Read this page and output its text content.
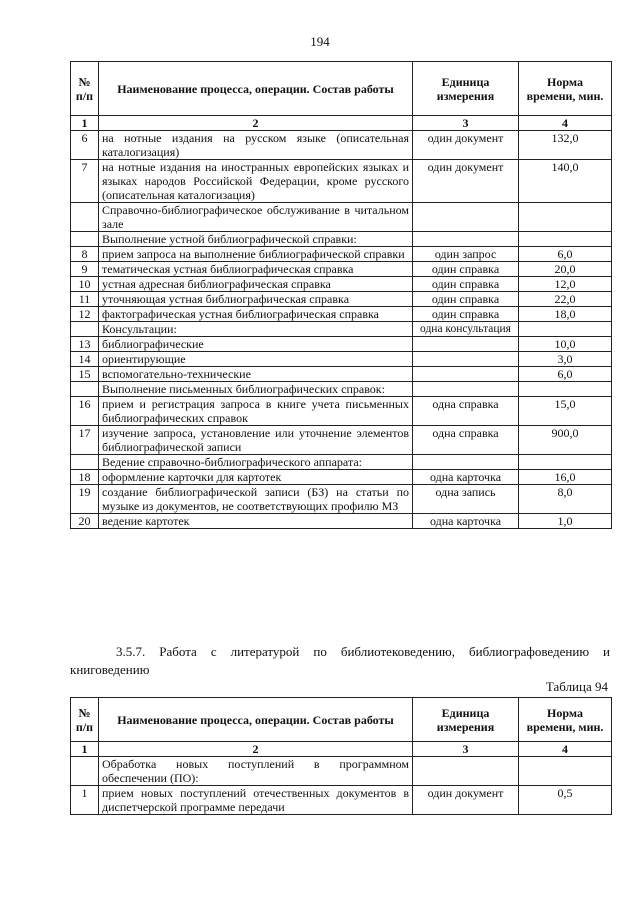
194
№ п/п	Наименование процесса, операции. Состав работы	Единица измерения	Норма времени, мин.
1	2	3	4
6	на нотные издания на русском языке (описательная каталогизация)	один документ	132,0
7	на нотные издания на иностранных европейских языках и языках народов Российской Федерации, кроме русского (описательная каталогизация)	один документ	140,0
	Справочно-библиографическое обслуживание в читальном зале		
	Выполнение устной библиографической справки:		
8	прием запроса на выполнение библиографической справки	один запрос	6,0
9	тематическая устная библиографическая справка	один справка	20,0
10	устная адресная библиографическая справка	один справка	12,0
11	уточняющая устная библиографическая справка	один справка	22,0
12	фактографическая устная библиографическая справка	один справка	18,0
	Консультации:	одна консультация	
13	библиографические		10,0
14	ориентирующие		3,0
15	вспомогательно-технические		6,0
	Выполнение письменных библиографических справок:		
16	прием и регистрация запроса в книге учета письменных библиографических справок	одна справка	15,0
17	изучение запроса, установление или уточнение элементов библиографической записи	одна справка	900,0
	Ведение справочно-библиографического аппарата:		
18	оформление карточки для картотек	одна карточка	16,0
19	создание библиографической записи (БЗ) на статьи по музыке из документов, не соответствующих профилю МЗ	одна запись	8,0
20	ведение картотек	одна карточка	1,0

3.5.7. Работа с литературой по библиотековедению, библиографоведению и книговедению

Таблица 94
№ п/п	Наименование процесса, операции. Состав работы	Единица измерения	Норма времени, мин.
1	2	3	4
	Обработка новых поступлений в программном обеспечении (ПО):		
1	прием новых поступлений отечественных документов в диспетчерской программе передачи	один документ	0,5
